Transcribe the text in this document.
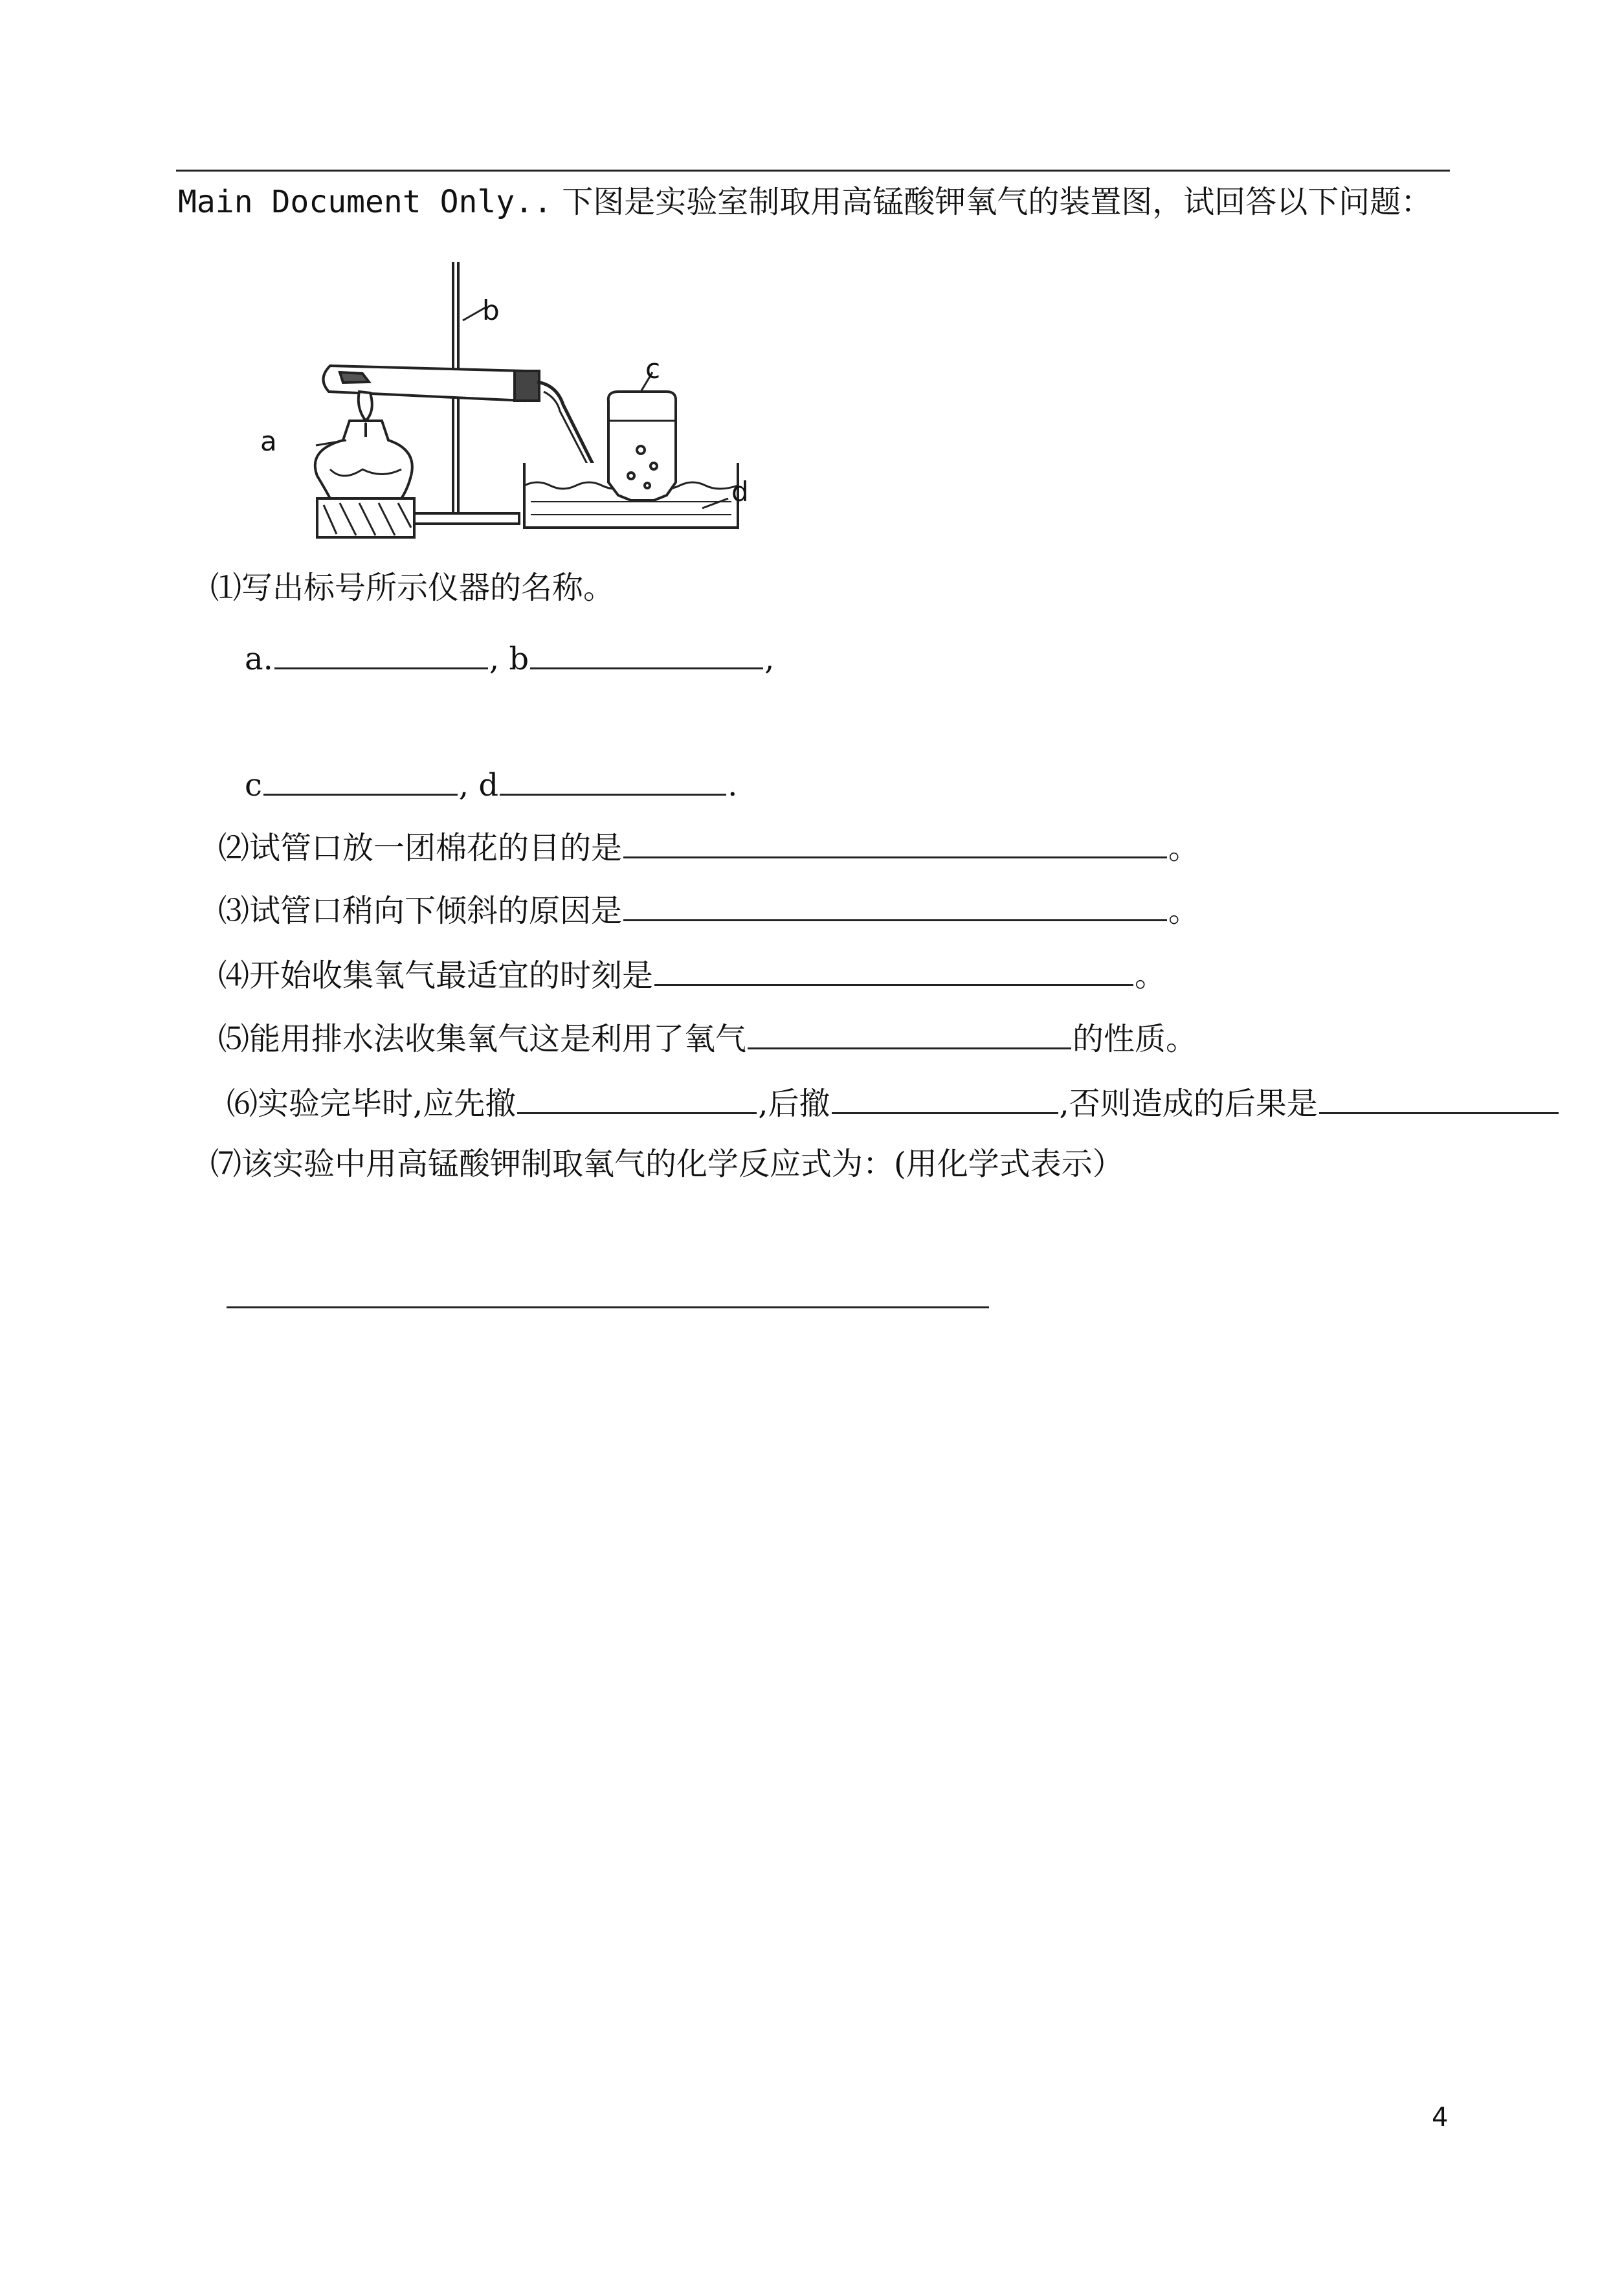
Main Document Only.. 下图是实验室制取用高锰酸钾氧气的装置图，试回答以下问题：
b
c
a
d
⑴写出标号所示仪器的名称。
a.	, b	,
c	, d	.
⑵试管口放一团棉花的目的是	。
⑶试管口稍向下倾斜的原因是	。
⑷开始收集氧气最适宜的时刻是	。
⑸能用排水法收集氧气这是利用了氧气	的性质。
⑹实验完毕时,应先撤	,后撤	,否则造成的后果是
⑺该实验中用高锰酸钾制取氧气的化学反应式为：(用化学式表示）
4
